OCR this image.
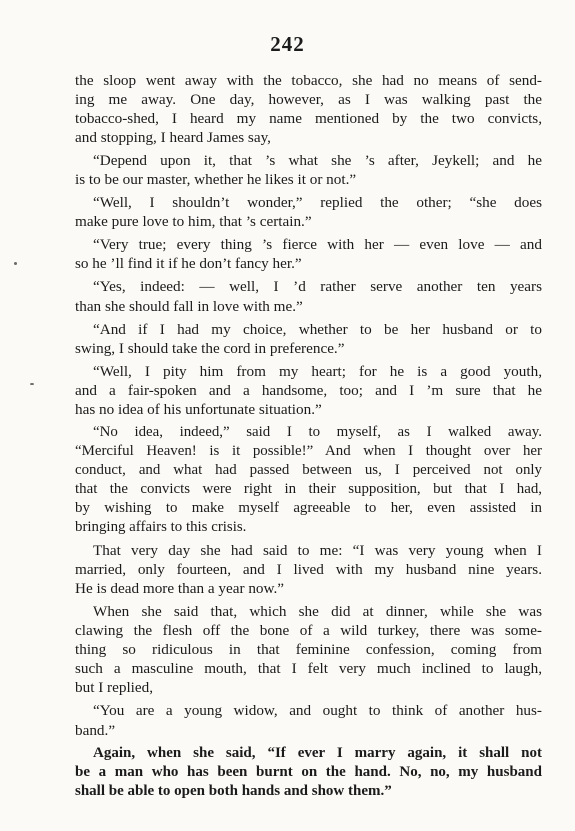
242
the sloop went away with the tobacco, she had no means of send-
ing me away. One day, however, as I was walking past the
tobacco-shed, I heard my name mentioned by the two convicts,
and stopping, I heard James say,
“Depend upon it, that ’s what she ’s after, Jeykell; and he
is to be our master, whether he likes it or not.”
“Well, I shouldn’t wonder,” replied the other; “she does
make pure love to him, that ’s certain.”
“Very true; every thing ’s fierce with her — even love — and
so he ’ll find it if he don’t fancy her.”
“Yes, indeed: — well, I ’d rather serve another ten years
than she should fall in love with me.”
“And if I had my choice, whether to be her husband or to
swing, I should take the cord in preference.”
“Well, I pity him from my heart; for he is a good youth,
and a fair-spoken and a handsome, too; and I ’m sure that he
has no idea of his unfortunate situation.”
“No idea, indeed,” said I to myself, as I walked away.
“Merciful Heaven! is it possible!” And when I thought over her
conduct, and what had passed between us, I perceived not only
that the convicts were right in their supposition, but that I had,
by wishing to make myself agreeable to her, even assisted in
bringing affairs to this crisis.
That very day she had said to me: “I was very young when I
married, only fourteen, and I lived with my husband nine years.
He is dead more than a year now.”
When she said that, which she did at dinner, while she was
clawing the flesh off the bone of a wild turkey, there was some-
thing so ridiculous in that feminine confession, coming from
such a masculine mouth, that I felt very much inclined to laugh,
but I replied,
“You are a young widow, and ought to think of another hus-
band.”
Again, when she said, “If ever I marry again, it shall not
be a man who has been burnt on the hand. No, no, my husband
shall be able to open both hands and show them.”
